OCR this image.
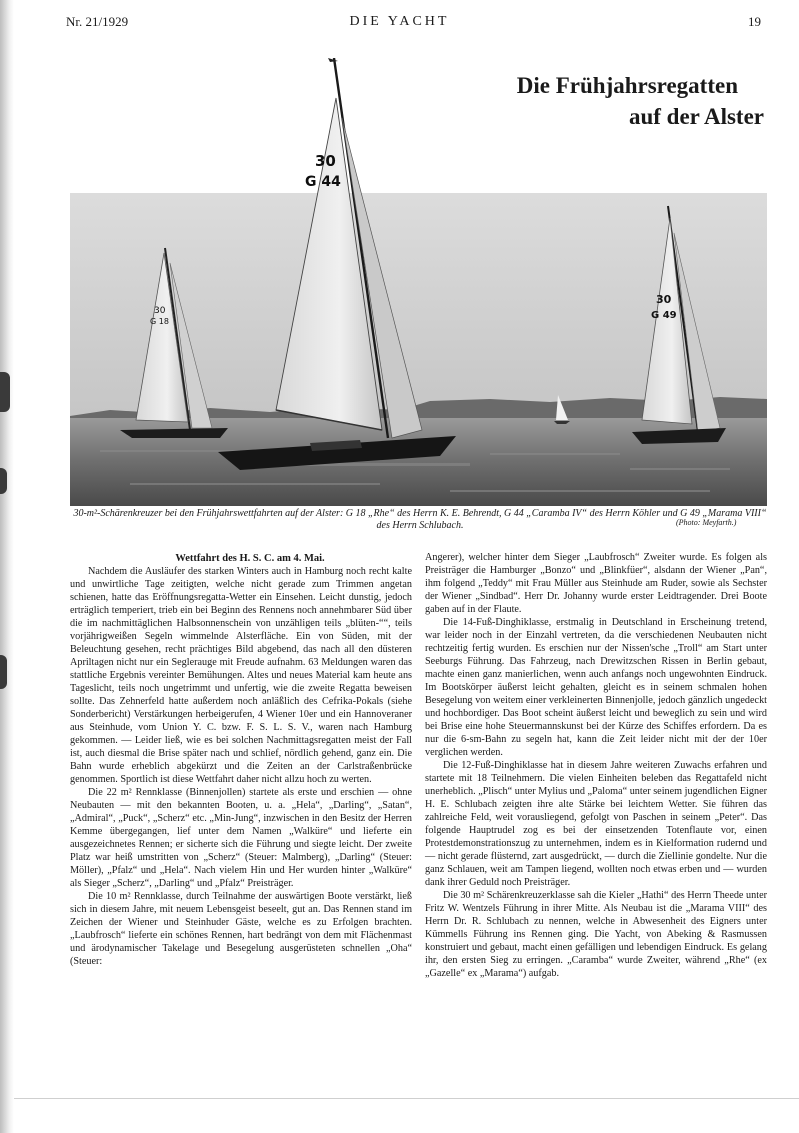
Nr. 21/1929	DIE YACHT	19
30
G 18
30
G 44
30
G 49
Die Frühjahrsregatten
auf der Alster
30-m²-Schärenkreuzer bei den Frühjahrswettfahrten auf der Alster: G 18 „Rhe“ des Herrn K. E. Behrendt, G 44 „Caramba IV“ des Herrn Köhler und G 49 „Marama VIII“ des Herrn Schlubach.	(Photo: Meyfarth.)

Wettfahrt des H. S. C. am 4. Mai.

Nachdem die Ausläufer des starken Winters auch in Hamburg noch recht kalte und unwirtliche Tage zeitigten, welche nicht gerade zum Trimmen angetan schienen, hatte das Eröffnungsregatta-Wetter ein Einsehen. Leicht dunstig, jedoch erträglich temperiert, trieb ein bei Beginn des Rennens noch annehmbarer Süd über die im nachmittäglichen Halbsonnenschein von unzähligen teils „blüten-““, teils vorjährigweißen Segeln wimmelnde Alsterfläche. Ein von Süden, mit der Beleuchtung gesehen, recht prächtiges Bild abgebend, das nach all den düsteren Apriltagen nicht nur ein Seglerauge mit Freude aufnahm. 63 Meldungen waren das stattliche Ergebnis vereinter Bemühungen. Altes und neues Material kam heute ans Tageslicht, teils noch ungetrimmt und unfertig, wie die zweite Regatta beweisen sollte. Das Zehnerfeld hatte außerdem noch anläßlich des Cefrika-Pokals (siehe Sonderbericht) Verstärkungen herbeigerufen, 4 Wiener 10er und ein Hannoveraner aus Steinhude, vom Union Y. C. bzw. F. S. L. S. V., waren nach Hamburg gekommen. — Leider ließ, wie es bei solchen Nachmittagsregatten meist der Fall ist, auch diesmal die Brise später nach und schlief, nördlich gehend, ganz ein. Die Bahn wurde erheblich abgekürzt und die Zeiten an der Carlstraßenbrücke genommen. Sportlich ist diese Wettfahrt daher nicht allzu hoch zu werten.

Die 22 m² Rennklasse (Binnenjollen) startete als erste und erschien — ohne Neubauten — mit den bekannten Booten, u. a. „Hela“, „Darling“, „Satan“, „Admiral“, „Puck“, „Scherz“ etc. „Min-Jung“, inzwischen in den Besitz der Herren Kemme übergegangen, lief unter dem Namen „Walküre“ und lieferte ein ausgezeichnetes Rennen; er sicherte sich die Führung und siegte leicht. Der zweite Platz war heiß umstritten von „Scherz“ (Steuer: Malmberg), „Darling“ (Steuer: Möller), „Pfalz“ und „Hela“. Nach vielem Hin und Her wurden hinter „Walküre“ als Sieger „Scherz“, „Darling“ und „Pfalz“ Preisträger.

Die 10 m² Rennklasse, durch Teilnahme der auswärtigen Boote verstärkt, ließ sich in diesem Jahre, mit neuem Lebensgeist beseelt, gut an. Das Rennen stand im Zeichen der Wiener und Steinhuder Gäste, welche es zu Erfolgen brachten. „Laubfrosch“ lieferte ein schönes Rennen, hart bedrängt von dem mit Flächenmast und ärodynamischer Takelage und Besegelung ausgerüsteten schnellen „Oha“ (Steuer:

Angerer), welcher hinter dem Sieger „Laubfrosch“ Zweiter wurde. Es folgen als Preisträger die Hamburger „Bonzo“ und „Blinkfüer“, alsdann der Wiener „Pan“, ihm folgend „Teddy“ mit Frau Müller aus Steinhude am Ruder, sowie als Sechster der Wiener „Sindbad“. Herr Dr. Johanny wurde erster Leidtragender. Drei Boote gaben auf in der Flaute.

Die 14-Fuß-Dinghiklasse, erstmalig in Deutschland in Erscheinung tretend, war leider noch in der Einzahl vertreten, da die verschiedenen Neubauten nicht rechtzeitig fertig wurden. Es erschien nur der Nissen'sche „Troll“ am Start unter Seeburgs Führung. Das Fahrzeug, nach Drewitzschen Rissen in Berlin gebaut, machte einen ganz manierlichen, wenn auch anfangs noch ungewohnten Eindruck. Im Bootskörper äußerst leicht gehalten, gleicht es in seinem schmalen hohen Besegelung von weitem einer verkleinerten Binnenjolle, jedoch gänzlich ungedeckt und hochbordiger. Das Boot scheint äußerst leicht und beweglich zu sein und wird bei Brise eine hohe Steuermannskunst bei der Kürze des Schiffes erfordern. Da es nur die 6-sm-Bahn zu segeln hat, kann die Zeit leider nicht mit der der 10er verglichen werden.

Die 12-Fuß-Dinghiklasse hat in diesem Jahre weiteren Zuwachs erfahren und startete mit 18 Teilnehmern. Die vielen Einheiten beleben das Regattafeld nicht unerheblich. „Plisch“ unter Mylius und „Paloma“ unter seinem jugendlichen Eigner H. E. Schlubach zeigten ihre alte Stärke bei leichtem Wetter. Sie führen das zahlreiche Feld, weit vorausliegend, gefolgt von Paschen in seinem „Peter“. Das folgende Hauptrudel zog es bei der einsetzenden Totenflaute vor, einen Protestdemonstrationszug zu unternehmen, indem es in Kielformation rudernd und — nicht gerade flüsternd, zart ausgedrückt, — durch die Ziellinie gondelte. Nur die ganz Schlauen, weit am Tampen liegend, wollten noch etwas erben und — wurden dank ihrer Geduld noch Preisträger.

Die 30 m² Schärenkreuzerklasse sah die Kieler „Hathi“ des Herrn Theede unter Fritz W. Wentzels Führung in ihrer Mitte. Als Neubau ist die „Marama VIII“ des Herrn Dr. R. Schlubach zu nennen, welche in Abwesenheit des Eigners unter Kümmells Führung ins Rennen ging. Die Yacht, von Abeking & Rasmussen konstruiert und gebaut, macht einen gefälligen und lebendigen Eindruck. Es gelang ihr, den ersten Sieg zu erringen. „Caramba“ wurde Zweiter, während „Rhe“ (ex „Gazelle“ ex „Marama“) aufgab.
